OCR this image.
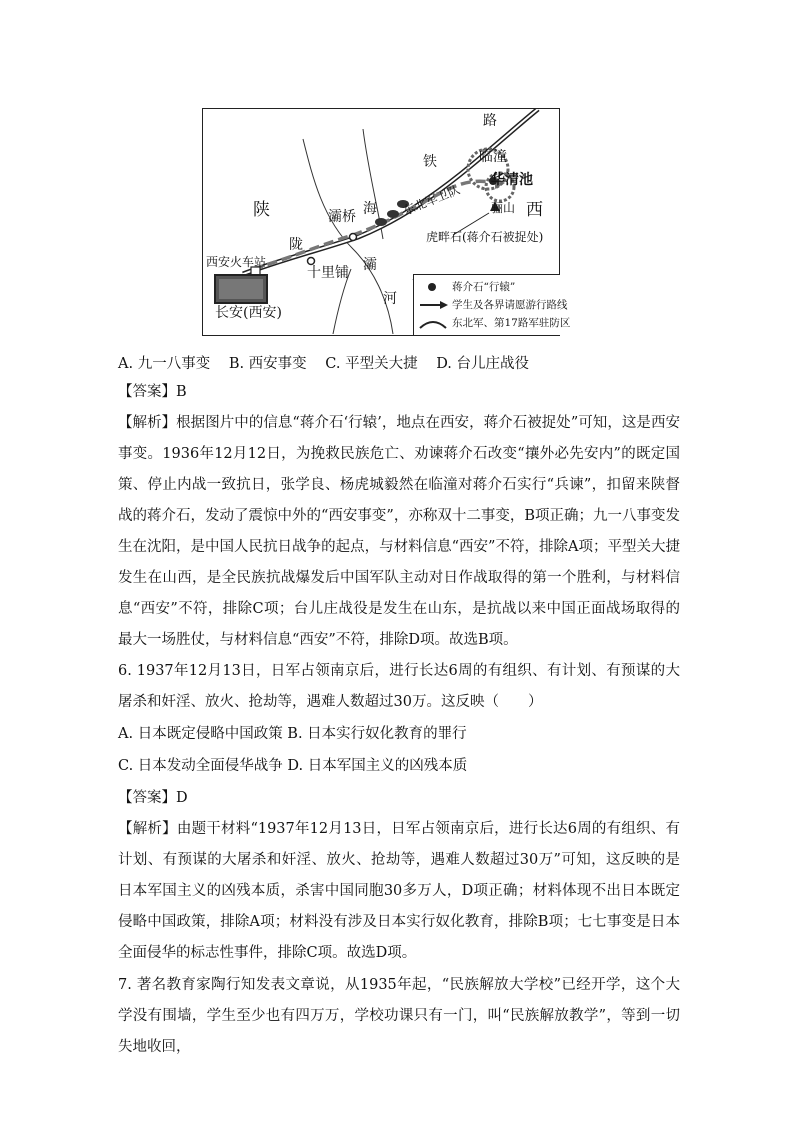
陕	西
灞桥
灞
河
陇
海
铁
路
临潼
华清池
骊山
东北军卫队
虎畔石(蒋介石被捉处)
西安火车站
十里铺
长安(西安)
蒋介石“行辕”
学生及各界请愿游行路线
东北军、第17路军驻防区
A. 九一八事变 B. 西安事变 C. 平型关大捷 D. 台儿庄战役
【答案】B
【解析】根据图片中的信息“蒋介石‘行辕’，地点在西安，蒋介石被捉处”可知，这是西安事变。1936年12月12日，为挽救民族危亡、劝谏蒋介石改变“攘外必先安内”的既定国策、停止内战一致抗日，张学良、杨虎城毅然在临潼对蒋介石实行“兵谏”，扣留来陕督战的蒋介石，发动了震惊中外的“西安事变”，亦称双十二事变，B项正确；九一八事变发生在沈阳，是中国人民抗日战争的起点，与材料信息“西安”不符，排除A项；平型关大捷发生在山西，是全民族抗战爆发后中国军队主动对日作战取得的第一个胜利，与材料信息“西安”不符，排除C项；台儿庄战役是发生在山东，是抗战以来中国正面战场取得的最大一场胜仗，与材料信息“西安”不符，排除D项。故选B项。
6. 1937年12月13日，日军占领南京后，进行长达6周的有组织、有计划、有预谋的大屠杀和奸淫、放火、抢劫等，遇难人数超过30万。这反映（　　）
A. 日本既定侵略中国政策 B. 日本实行奴化教育的罪行
C. 日本发动全面侵华战争 D. 日本军国主义的凶残本质
【答案】D
【解析】由题干材料“1937年12月13日，日军占领南京后，进行长达6周的有组织、有计划、有预谋的大屠杀和奸淫、放火、抢劫等，遇难人数超过30万”可知，这反映的是日本军国主义的凶残本质，杀害中国同胞30多万人，D项正确；材料体现不出日本既定侵略中国政策，排除A项；材料没有涉及日本实行奴化教育，排除B项；七七事变是日本全面侵华的标志性事件，排除C项。故选D项。
7. 著名教育家陶行知发表文章说，从1935年起，“民族解放大学校”已经开学，这个大学没有围墙，学生至少也有四万万，学校功课只有一门，叫“民族解放教学”，等到一切失地收回，
